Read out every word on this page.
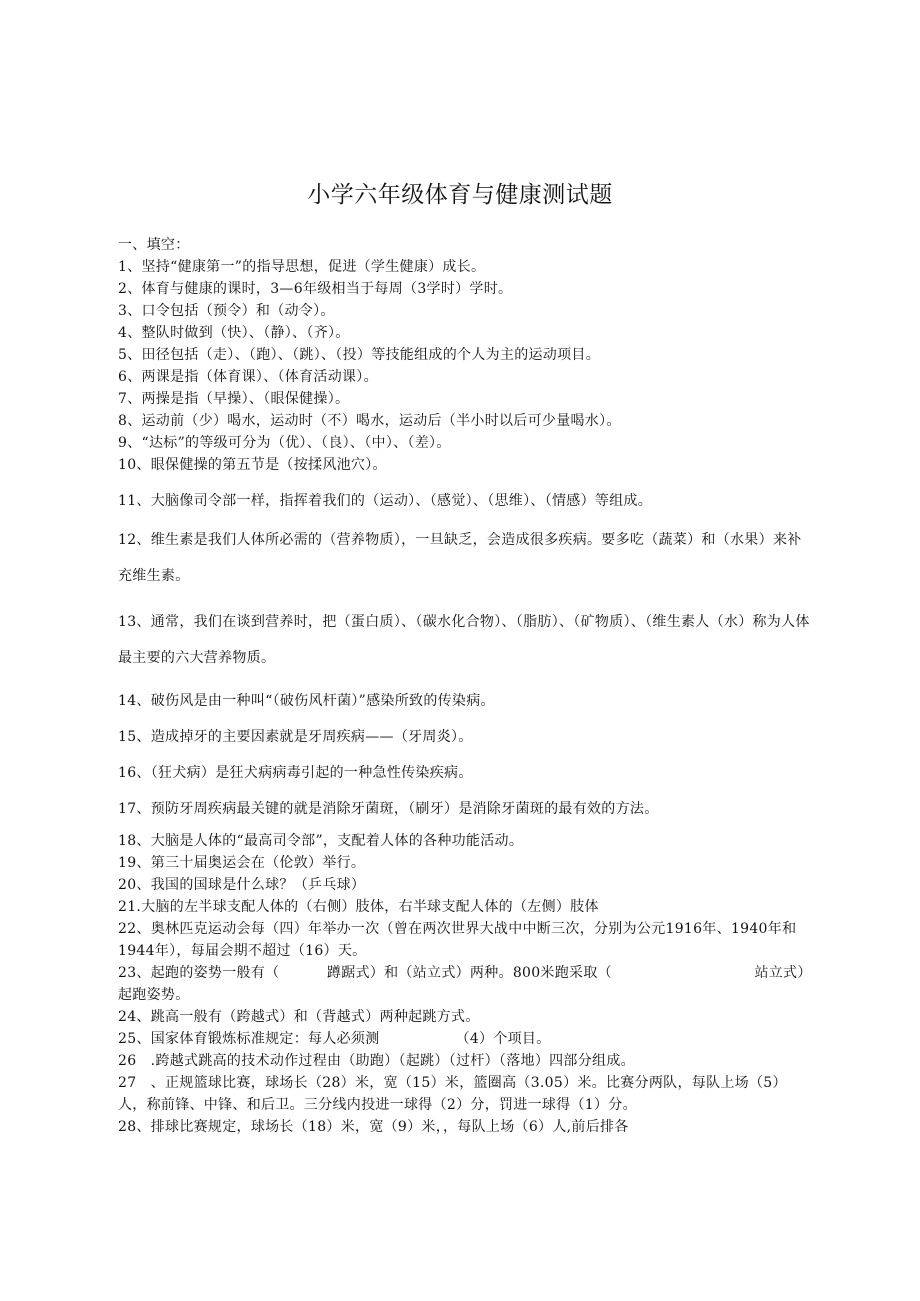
小学六年级体育与健康测试题

一、填空：

1、坚持“健康第一”的指导思想，促进（学生健康）成长。

2、体育与健康的课时，3—6年级相当于每周（3学时）学时。

3、口令包括（预令）和（动令）。

4、整队时做到（快）、（静）、（齐）。

5、田径包括（走）、（跑）、（跳）、（投）等技能组成的个人为主的运动项目。

6、两课是指（体育课）、（体育活动课）。

7、两操是指（早操）、（眼保健操）。

8、运动前（少）喝水，运动时（不）喝水，运动后（半小时以后可少量喝水）。

9、“达标”的等级可分为（优）、（良）、（中）、（差）。

10、眼保健操的第五节是（按揉风池穴）。

11、大脑像司令部一样，指挥着我们的（运动）、（感觉）、（思维）、（情感）等组成。

12、维生素是我们人体所必需的（营养物质），一旦缺乏，会造成很多疾病。要多吃（蔬菜）和（水果）来补充维生素。

13、通常，我们在谈到营养时，把（蛋白质）、（碳水化合物）、（脂肪）、（矿物质）、（维生素人（水）称为人体最主要的六大营养物质。

14、破伤风是由一种叫“（破伤风杆菌）”感染所致的传染病。

15、造成掉牙的主要因素就是牙周疾病——（牙周炎）。

16、（狂犬病）是狂犬病病毒引起的一种急性传染疾病。

17、预防牙周疾病最关键的就是消除牙菌斑，（刷牙）是消除牙菌斑的最有效的方法。

18、大脑是人体的“最高司令部”，支配着人体的各种功能活动。

19、第三十届奥运会在（伦敦）举行。

20、我国的国球是什么球？（乒乓球）

21.大脑的左半球支配人体的（右侧）肢体，右半球支配人体的（左侧）肢体

22、奥林匹克运动会每（四）年举办一次（曾在两次世界大战中中断三次，分别为公元1916年、1940年和1944年），每届会期不超过（16）天。

23、起跑的姿势一般有（          蹲踞式）和（站立式）两种。800米跑采取（                              站立式）起跑姿势。

24、跳高一般有（跨越式）和（背越式）两种起跳方式。

25、国家体育锻炼标准规定：每人必须测                （4）个项目。

26   .跨越式跳高的技术动作过程由（助跑）（起跳）（过杆）（落地）四部分组成。

27   、正规篮球比赛，球场长（28）米，宽（15）米，篮圈高（3.05）米。比赛分两队，每队上场（5）人，称前锋、中锋、和后卫。三分线内投进一球得（2）分，罚进一球得（1）分。

28、排球比赛规定，球场长（18）米，宽（9）米，，每队上场（6）人,前后排各
